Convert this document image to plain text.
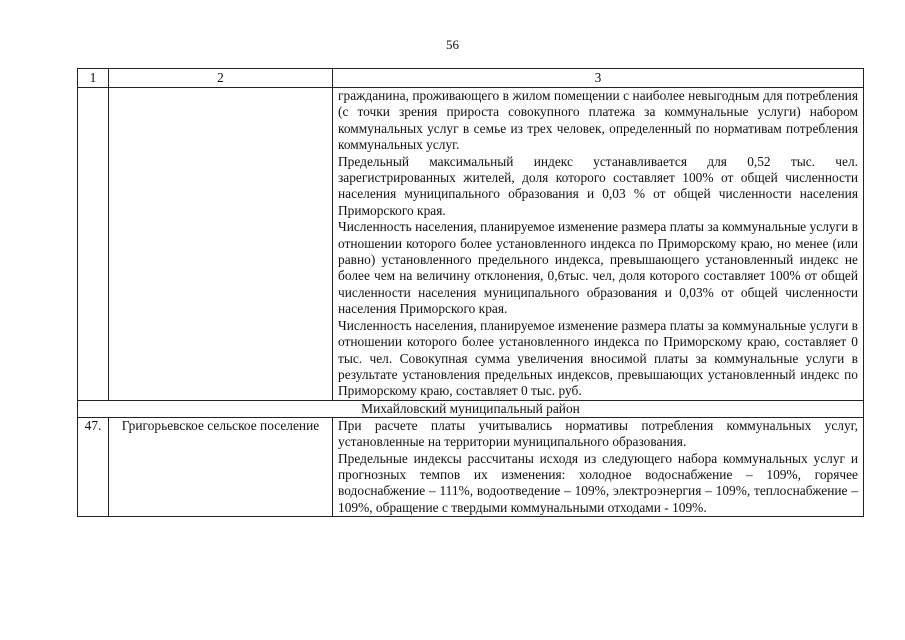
56
1	2	3

		гражданина, проживающего в жилом помещении с наиболее невыгодным для потребления (с точки зрения прироста совокупного платежа за коммунальные услуги) набором коммунальных услуг в семье из трех человек, определенный по нормативам потребления коммунальных услуг.
Предельный максимальный индекс устанавливается для 0,52 тыс. чел. зарегистрированных жителей, доля которого составляет 100% от общей численности населения муниципального образования и 0,03 % от общей численности населения Приморского края.
Численность населения, планируемое изменение размера платы за коммунальные услуги в отношении которого более установленного индекса по Приморскому краю, но менее (или равно) установленного предельного индекса, превышающего установленный индекс не более чем на величину отклонения, 0,6тыс. чел, доля которого составляет 100% от общей численности населения муниципального образования и 0,03% от общей численности населения Приморского края.
Численность населения, планируемое изменение размера платы за коммунальные услуги в отношении которого более установленного индекса по Приморскому краю, составляет 0 тыс. чел. Совокупная сумма увеличения вносимой платы за коммунальные услуги в результате установления предельных индексов, превышающих установленный индекс по Приморскому краю, составляет 0 тыс. руб.

Михайловский муниципальный район		
47.	Григорьевское сельское поселение	При расчете платы учитывались нормативы потребления коммунальных услуг, установленные на территории муниципального образования.
Предельные индексы рассчитаны исходя из следующего набора коммунальных услуг и прогнозных темпов их изменения: холодное водоснабжение – 109%, горячее водоснабжение – 111%, водоотведение – 109%, электроэнергия – 109%, теплоснабжение – 109%, обращение с твердыми коммунальными отходами - 109%.
